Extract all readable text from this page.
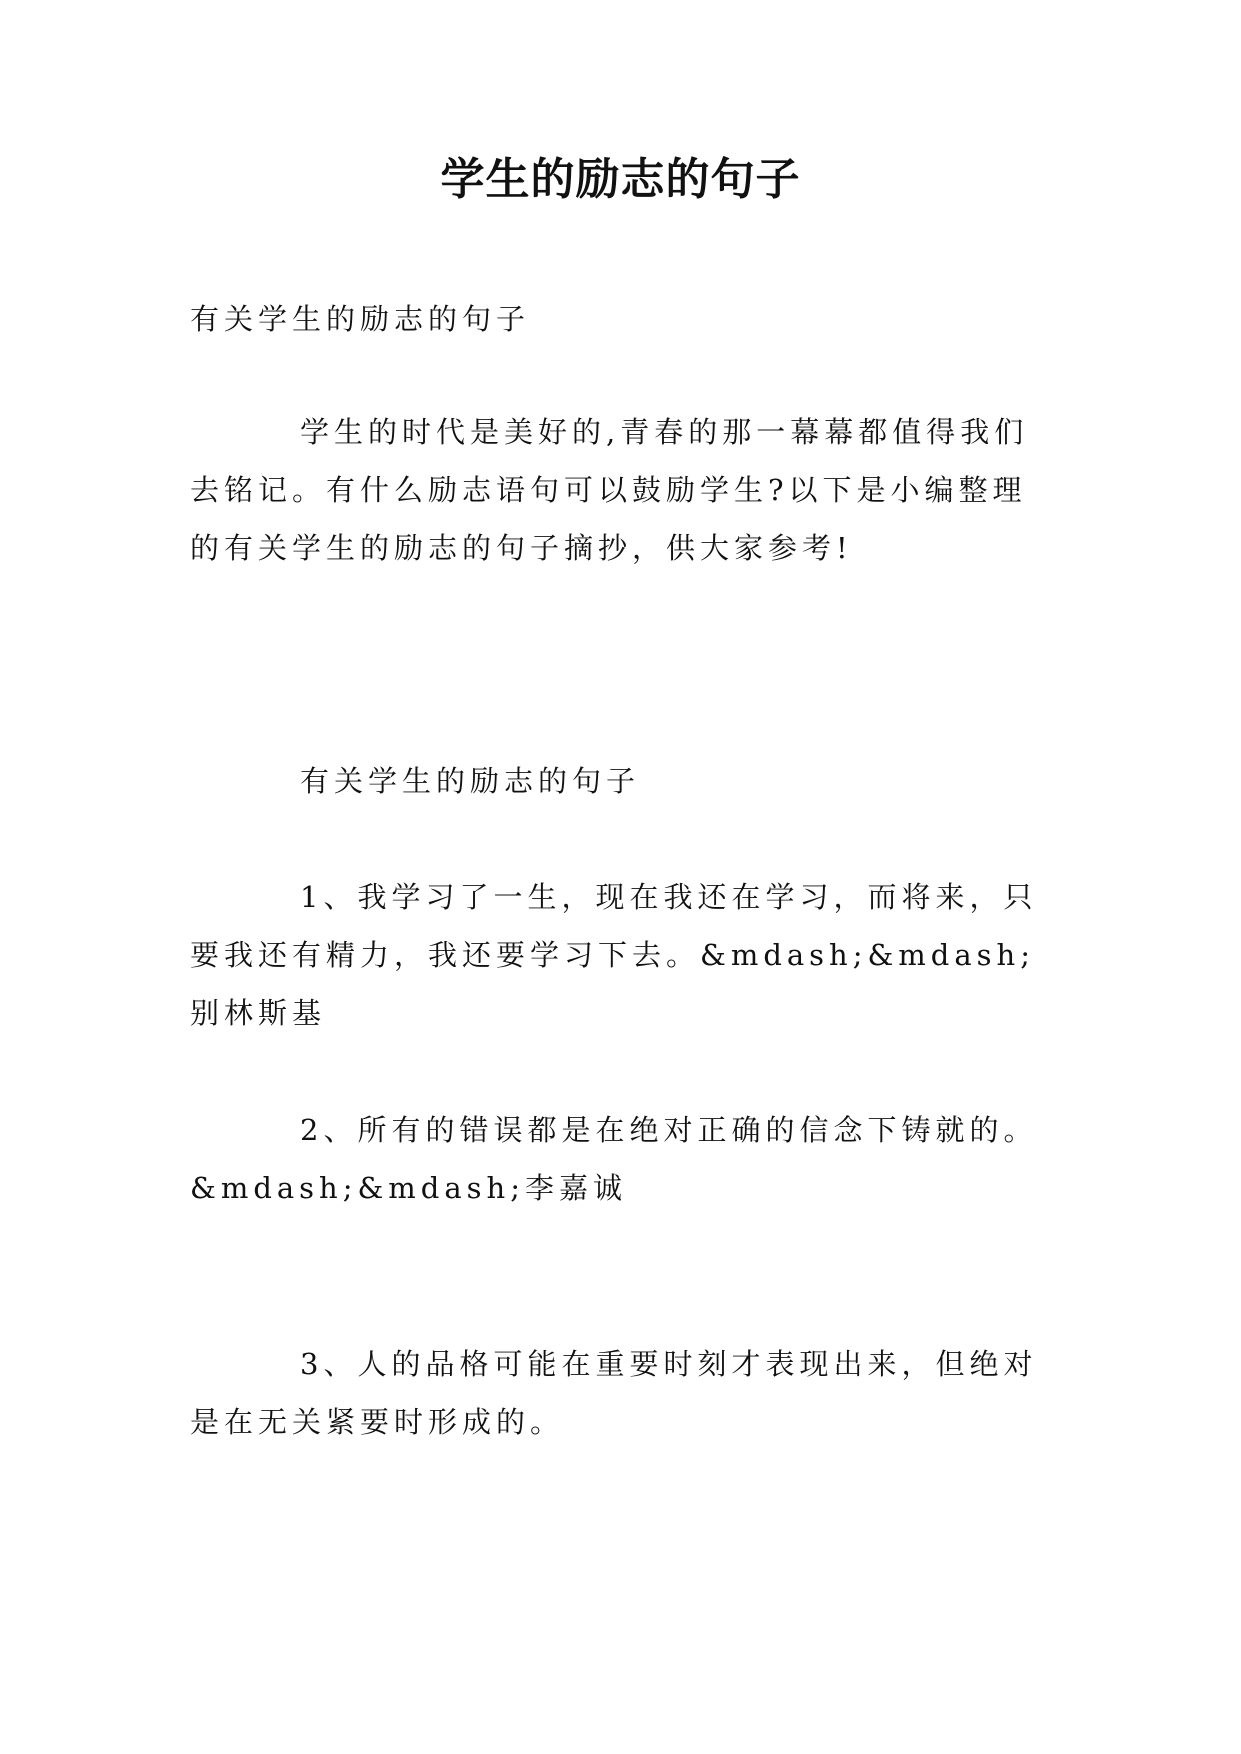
学生的励志的句子
有关学生的励志的句子
学生的时代是美好的,青春的那一幕幕都值得我们去铭记。有什么励志语句可以鼓励学生?以下是小编整理的有关学生的励志的句子摘抄，供大家参考!
有关学生的励志的句子
1、我学习了一生，现在我还在学习，而将来，只要我还有精力，我还要学习下去。&mdash;&mdash;别林斯基
2、所有的错误都是在绝对正确的信念下铸就的。&mdash;&mdash;李嘉诚
3、人的品格可能在重要时刻才表现出来，但绝对是在无关紧要时形成的。
